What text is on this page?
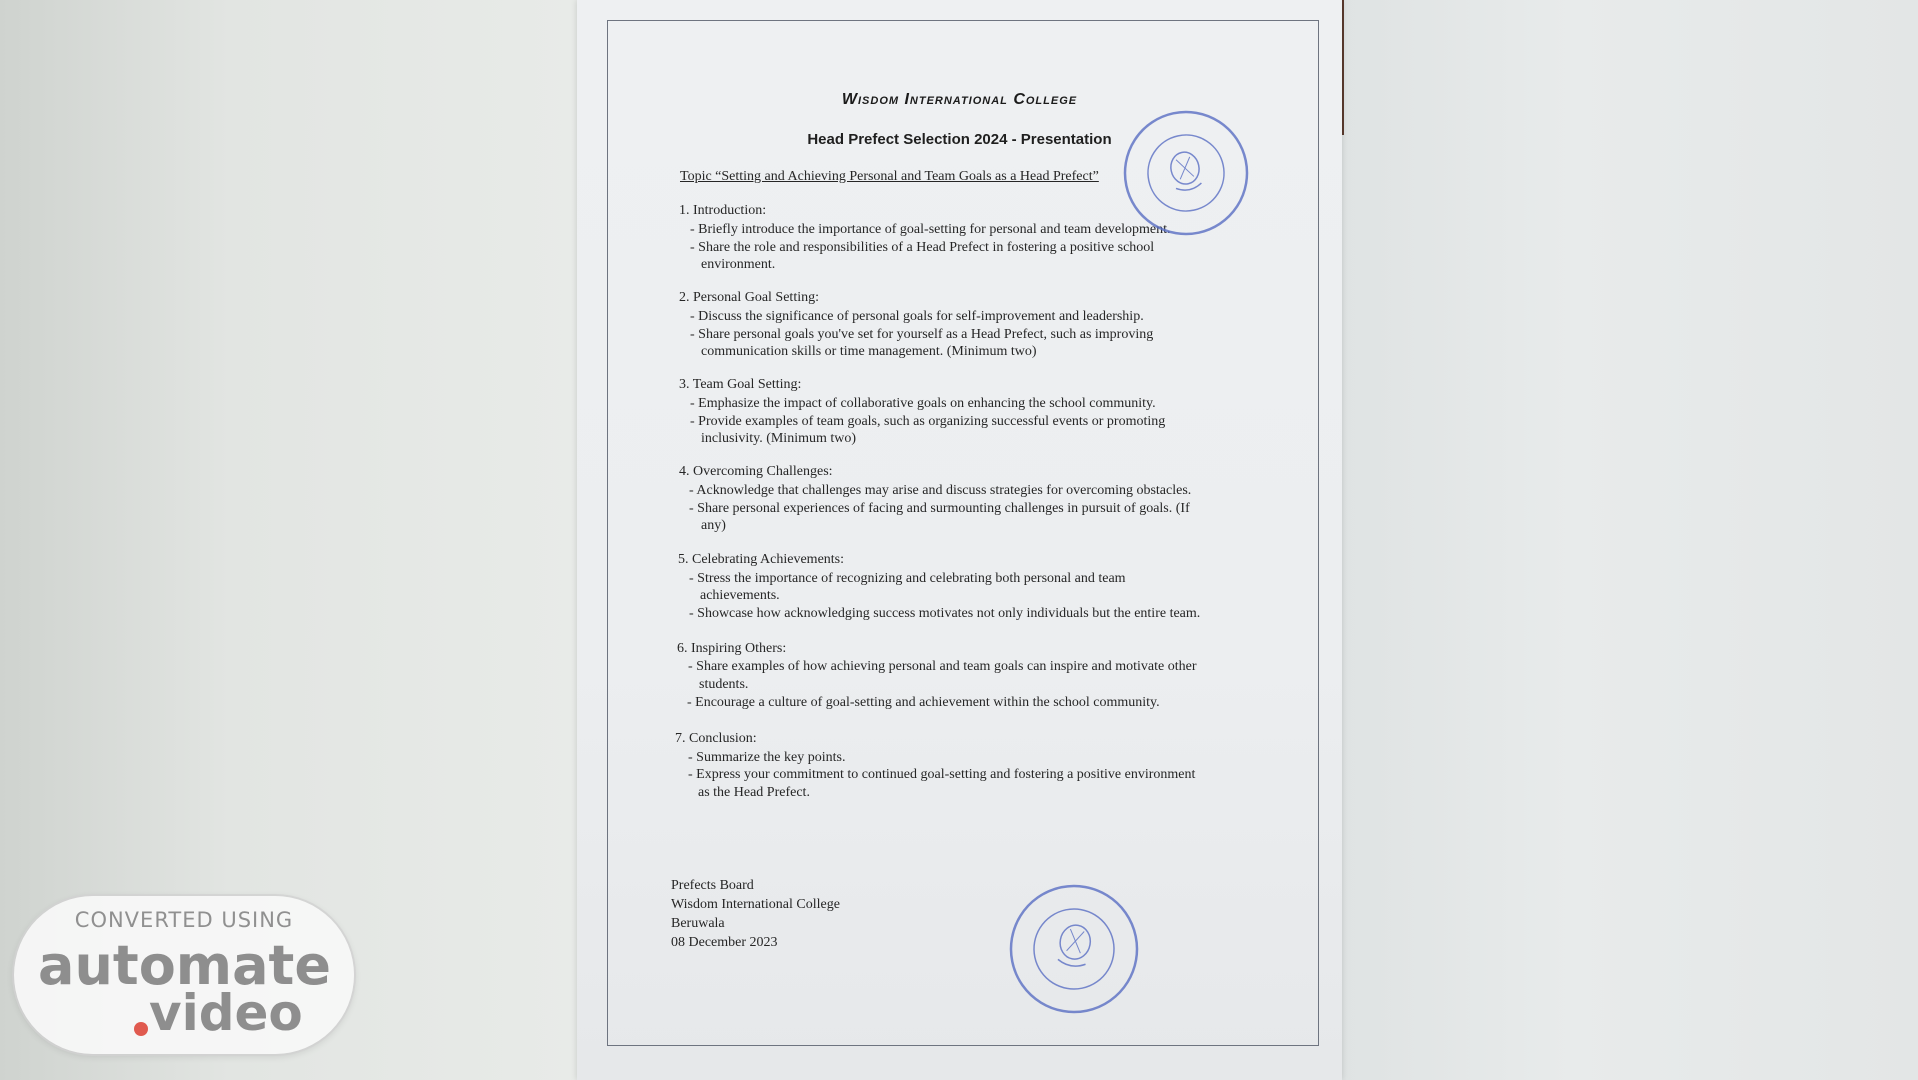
Wisdom International College
Head Prefect Selection 2024 - Presentation
Topic “Setting and Achieving Personal and Team Goals as a Head Prefect”
1. Introduction:
- Briefly introduce the importance of goal-setting for personal and team development.
- Share the role and responsibilities of a Head Prefect in fostering a positive school
environment.
2. Personal Goal Setting:
- Discuss the significance of personal goals for self-improvement and leadership.
- Share personal goals you've set for yourself as a Head Prefect, such as improving
communication skills or time management. (Minimum two)
3. Team Goal Setting:
- Emphasize the impact of collaborative goals on enhancing the school community.
- Provide examples of team goals, such as organizing successful events or promoting
inclusivity. (Minimum two)
4. Overcoming Challenges:
- Acknowledge that challenges may arise and discuss strategies for overcoming obstacles.
- Share personal experiences of facing and surmounting challenges in pursuit of goals. (If
any)
5. Celebrating Achievements:
- Stress the importance of recognizing and celebrating both personal and team
achievements.
- Showcase how acknowledging success motivates not only individuals but the entire team.
6. Inspiring Others:
- Share examples of how achieving personal and team goals can inspire and motivate other
students.
- Encourage a culture of goal-setting and achievement within the school community.
7. Conclusion:
- Summarize the key points.
- Express your commitment to continued goal-setting and fostering a positive environment
as the Head Prefect.
Prefects Board
Wisdom International College
Beruwala
08 December 2023
CONVERTED USING
automate
video
